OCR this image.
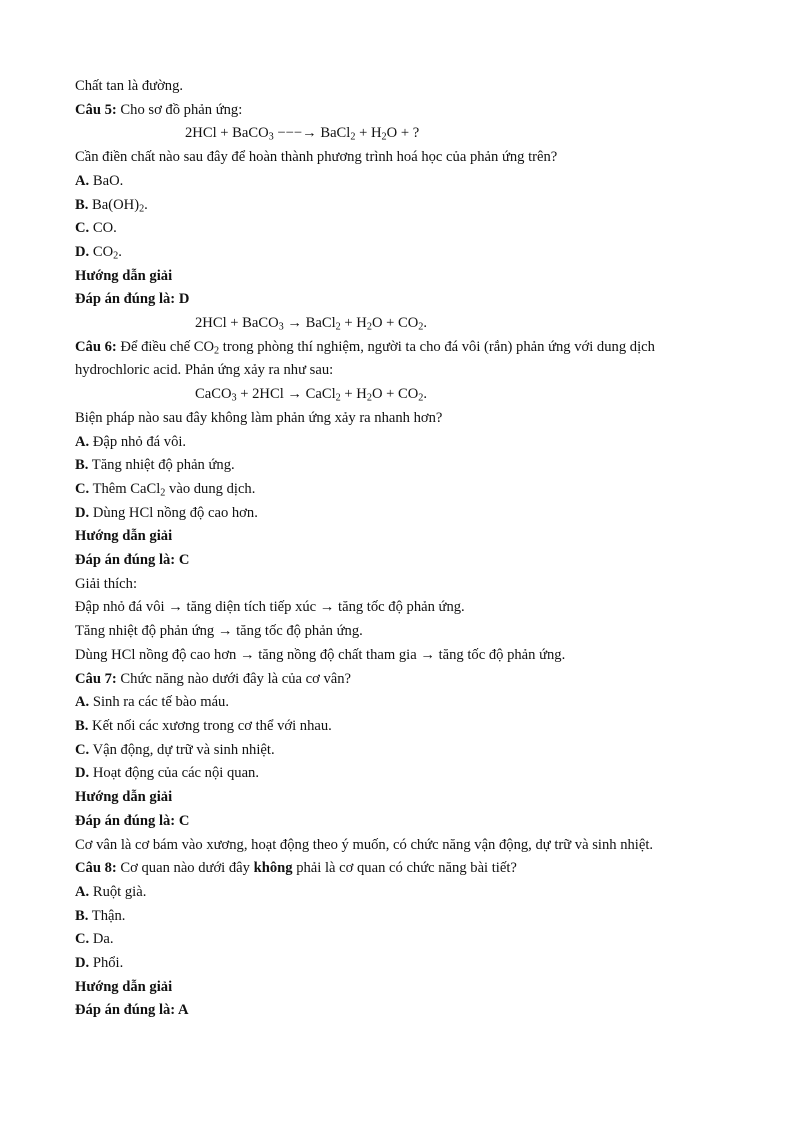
Chất tan là đường.
Câu 5: Cho sơ đồ phản ứng:
2HCl + BaCO$_3$ −−−→ BaCl$_2$ + $H_2O$ + ?
Cần điền chất nào sau đây để hoàn thành phương trình hoá học của phản ứng trên?
A. BaO.
B. $Ba(OH)_2$.
C. CO.
D. $CO_2$.
Hướng dẫn giải
Đáp án đúng là: D
2HCl + BaCO$_3$ → BaCl$_2$ + $H_2O + CO_2$.
Câu 6: Để điều chế $CO_2$ trong phòng thí nghiệm, người ta cho đá vôi (rắn) phản ứng với dung dịch
hydrochloric acid. Phản ứng xảy ra như sau:
CaCO$_3$ + 2HCl → CaCl$_2$ + $H_2O + CO_2$.
Biện pháp nào sau đây không làm phản ứng xảy ra nhanh hơn?
A. Đập nhỏ đá vôi.
B. Tăng nhiệt độ phản ứng.
C. Thêm CaCl$_2$ vào dung dịch.
D. Dùng HCl nồng độ cao hơn.
Hướng dẫn giải
Đáp án đúng là: C
Giải thích:
Đập nhỏ đá vôi → tăng diện tích tiếp xúc → tăng tốc độ phản ứng.
Tăng nhiệt độ phản ứng → tăng tốc độ phản ứng.
Dùng HCl nồng độ cao hơn → tăng nồng độ chất tham gia → tăng tốc độ phản ứng.
Câu 7: Chức năng nào dưới đây là của cơ vân?
A. Sinh ra các tế bào máu.
B. Kết nối các xương trong cơ thể với nhau.
C. Vận động, dự trữ và sinh nhiệt.
D. Hoạt động của các nội quan.
Hướng dẫn giải
Đáp án đúng là: C
Cơ vân là cơ bám vào xương, hoạt động theo ý muốn, có chức năng vận động, dự trữ và sinh nhiệt.
Câu 8: Cơ quan nào dưới đây không phải là cơ quan có chức năng bài tiết?
A. Ruột già.
B. Thận.
C. Da.
D. Phổi.
Hướng dẫn giải
Đáp án đúng là: A
